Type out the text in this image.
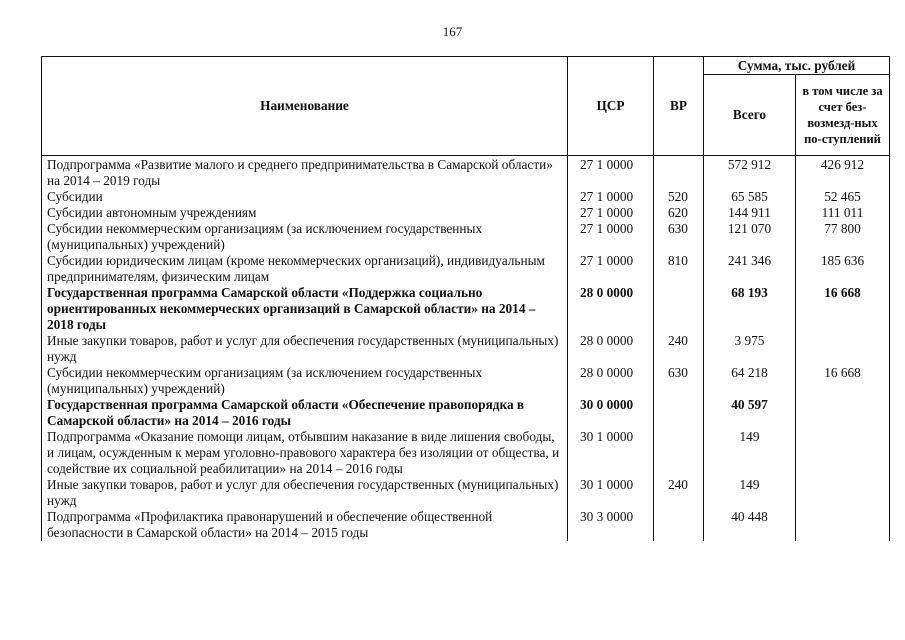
167
Наименование	ЦСР	ВР	Сумма, тыс. рублей	
			Всего	в том числе за счет без-возмезд-ных по-ступлений
Подпрограмма «Развитие малого и среднего предпринимательства в Самарской области» на 2014 – 2019 годы	27 1 0000		572 912	426 912
Субсидии	27 1 0000	520	65 585	52 465
Субсидии автономным учреждениям	27 1 0000	620	144 911	111 011
Субсидии некоммерческим организациям (за исключением государственных (муниципальных) учреждений)	27 1 0000	630	121 070	77 800
Субсидии юридическим лицам (кроме некоммерческих организаций), индивидуальным предпринимателям, физическим лицам	27 1 0000	810	241 346	185 636
Государственная программа Самарской области «Поддержка социально ориентированных некоммерческих организаций в Самарской области» на 2014 – 2018 годы	28 0 0000		68 193	16 668
Иные закупки товаров, работ и услуг для обеспечения государственных (муниципальных) нужд	28 0 0000	240	3 975	
Субсидии некоммерческим организациям (за исключением государственных (муниципальных) учреждений)	28 0 0000	630	64 218	16 668
Государственная программа Самарской области «Обеспечение правопорядка в Самарской области» на 2014 – 2016 годы	30 0 0000		40 597	
Подпрограмма «Оказание помощи лицам, отбывшим наказание в виде лишения свободы, и лицам, осужденным к мерам уголовно-правового характера без изоляции от общества, и содействие их социальной реабилитации» на 2014 – 2016 годы	30 1 0000		149	
Иные закупки товаров, работ и услуг для обеспечения государственных (муниципальных) нужд	30 1 0000	240	149	
Подпрограмма «Профилактика правонарушений и обеспечение общественной безопасности в Самарской области» на 2014 – 2015 годы	30 3 0000		40 448	
